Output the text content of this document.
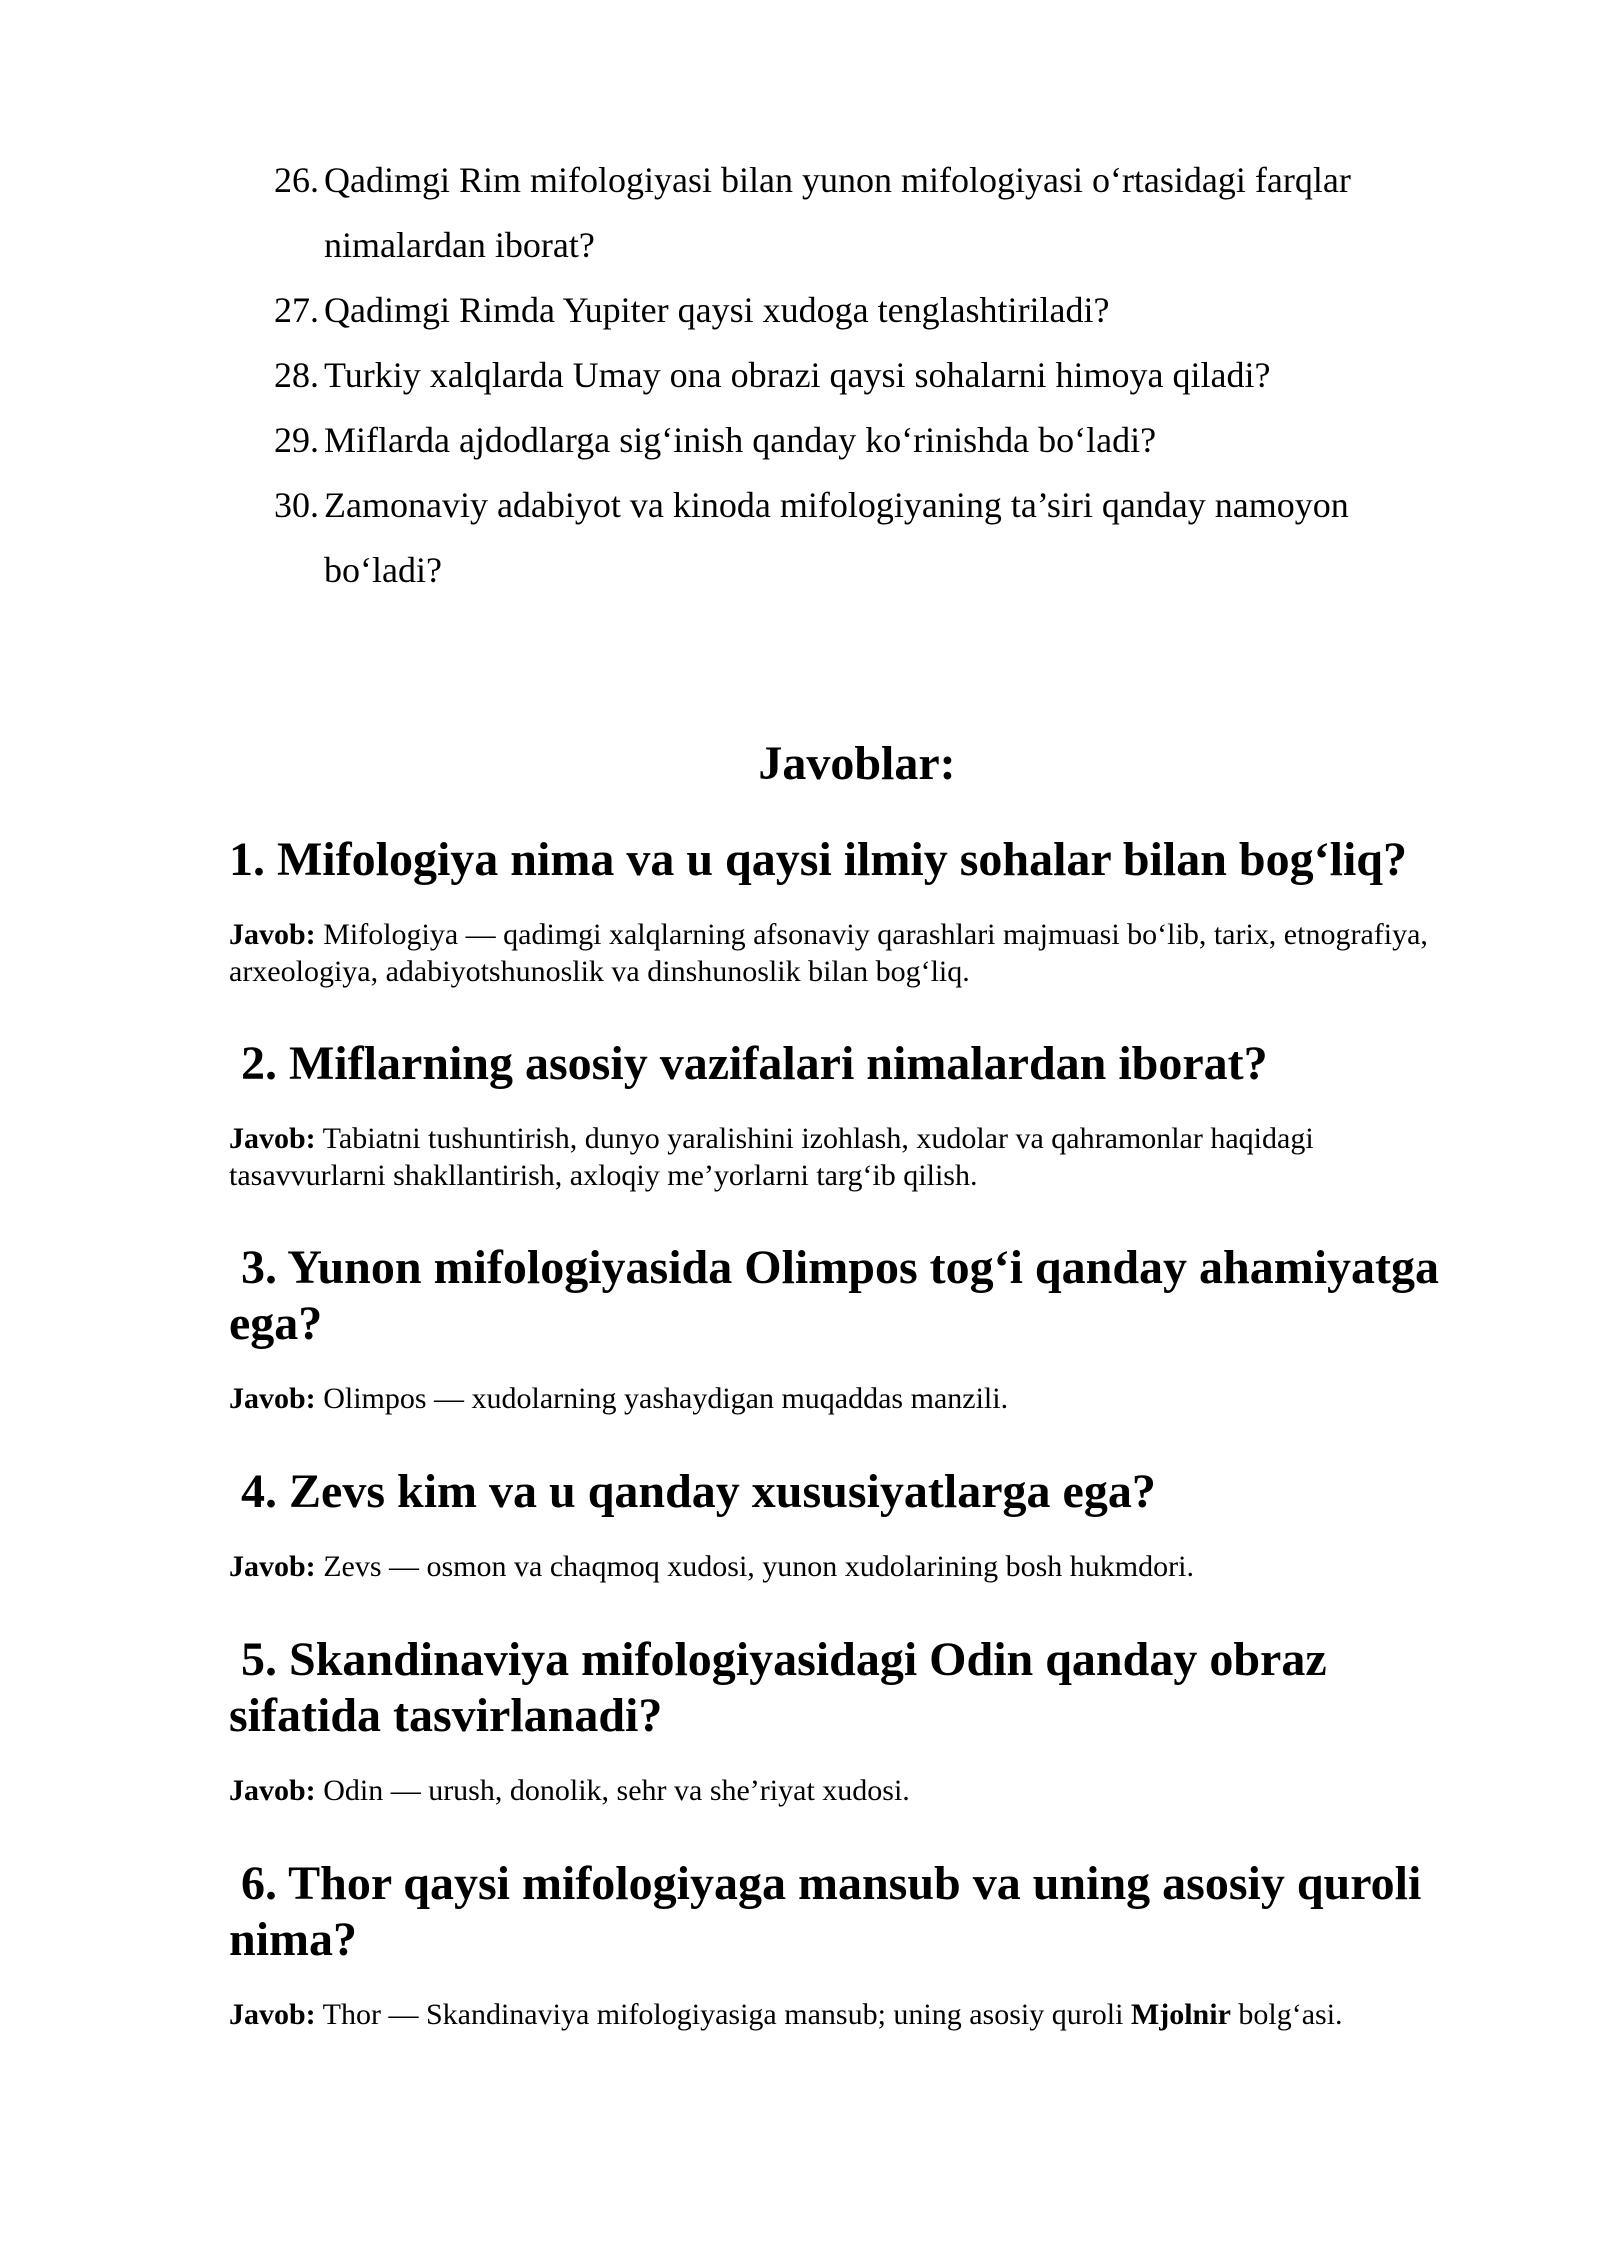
26. Qadimgi Rim mifologiyasi bilan yunon mifologiyasi o‘rtasidagi farqlar nimalardan iborat?
27. Qadimgi Rimda Yupiter qaysi xudoga tenglashtiriladi?
28. Turkiy xalqlarda Umay ona obrazi qaysi sohalarni himoya qiladi?
29. Miflarda ajdodlarga sig‘inish qanday ko‘rinishda bo‘ladi?
30. Zamonaviy adabiyot va kinoda mifologiyaning ta’siri qanday namoyon bo‘ladi?
Javoblar:
1. Mifologiya nima va u qaysi ilmiy sohalar bilan bog‘liq?

Javob: Mifologiya — qadimgi xalqlarning afsonaviy qarashlari majmuasi bo‘lib, tarix, etnografiya, arxeologiya, adabiyotshunoslik va dinshunoslik bilan bog‘liq.

2. Miflarning asosiy vazifalari nimalardan iborat?

Javob: Tabiatni tushuntirish, dunyo yaralishini izohlash, xudolar va qahramonlar haqidagi tasavvurlarni shakllantirish, axloqiy me’yorlarni targ‘ib qilish.

3. Yunon mifologiyasida Olimpos tog‘i qanday ahamiyatga ega?

Javob: Olimpos — xudolarning yashaydigan muqaddas manzili.

4. Zevs kim va u qanday xususiyatlarga ega?

Javob: Zevs — osmon va chaqmoq xudosi, yunon xudolarining bosh hukmdori.

5. Skandinaviya mifologiyasidagi Odin qanday obraz sifatida tasvirlanadi?

Javob: Odin — urush, donolik, sehr va she’riyat xudosi.

6. Thor qaysi mifologiyaga mansub va uning asosiy quroli nima?

Javob: Thor — Skandinaviya mifologiyasiga mansub; uning asosiy quroli Mjolnir bolg‘asi.
